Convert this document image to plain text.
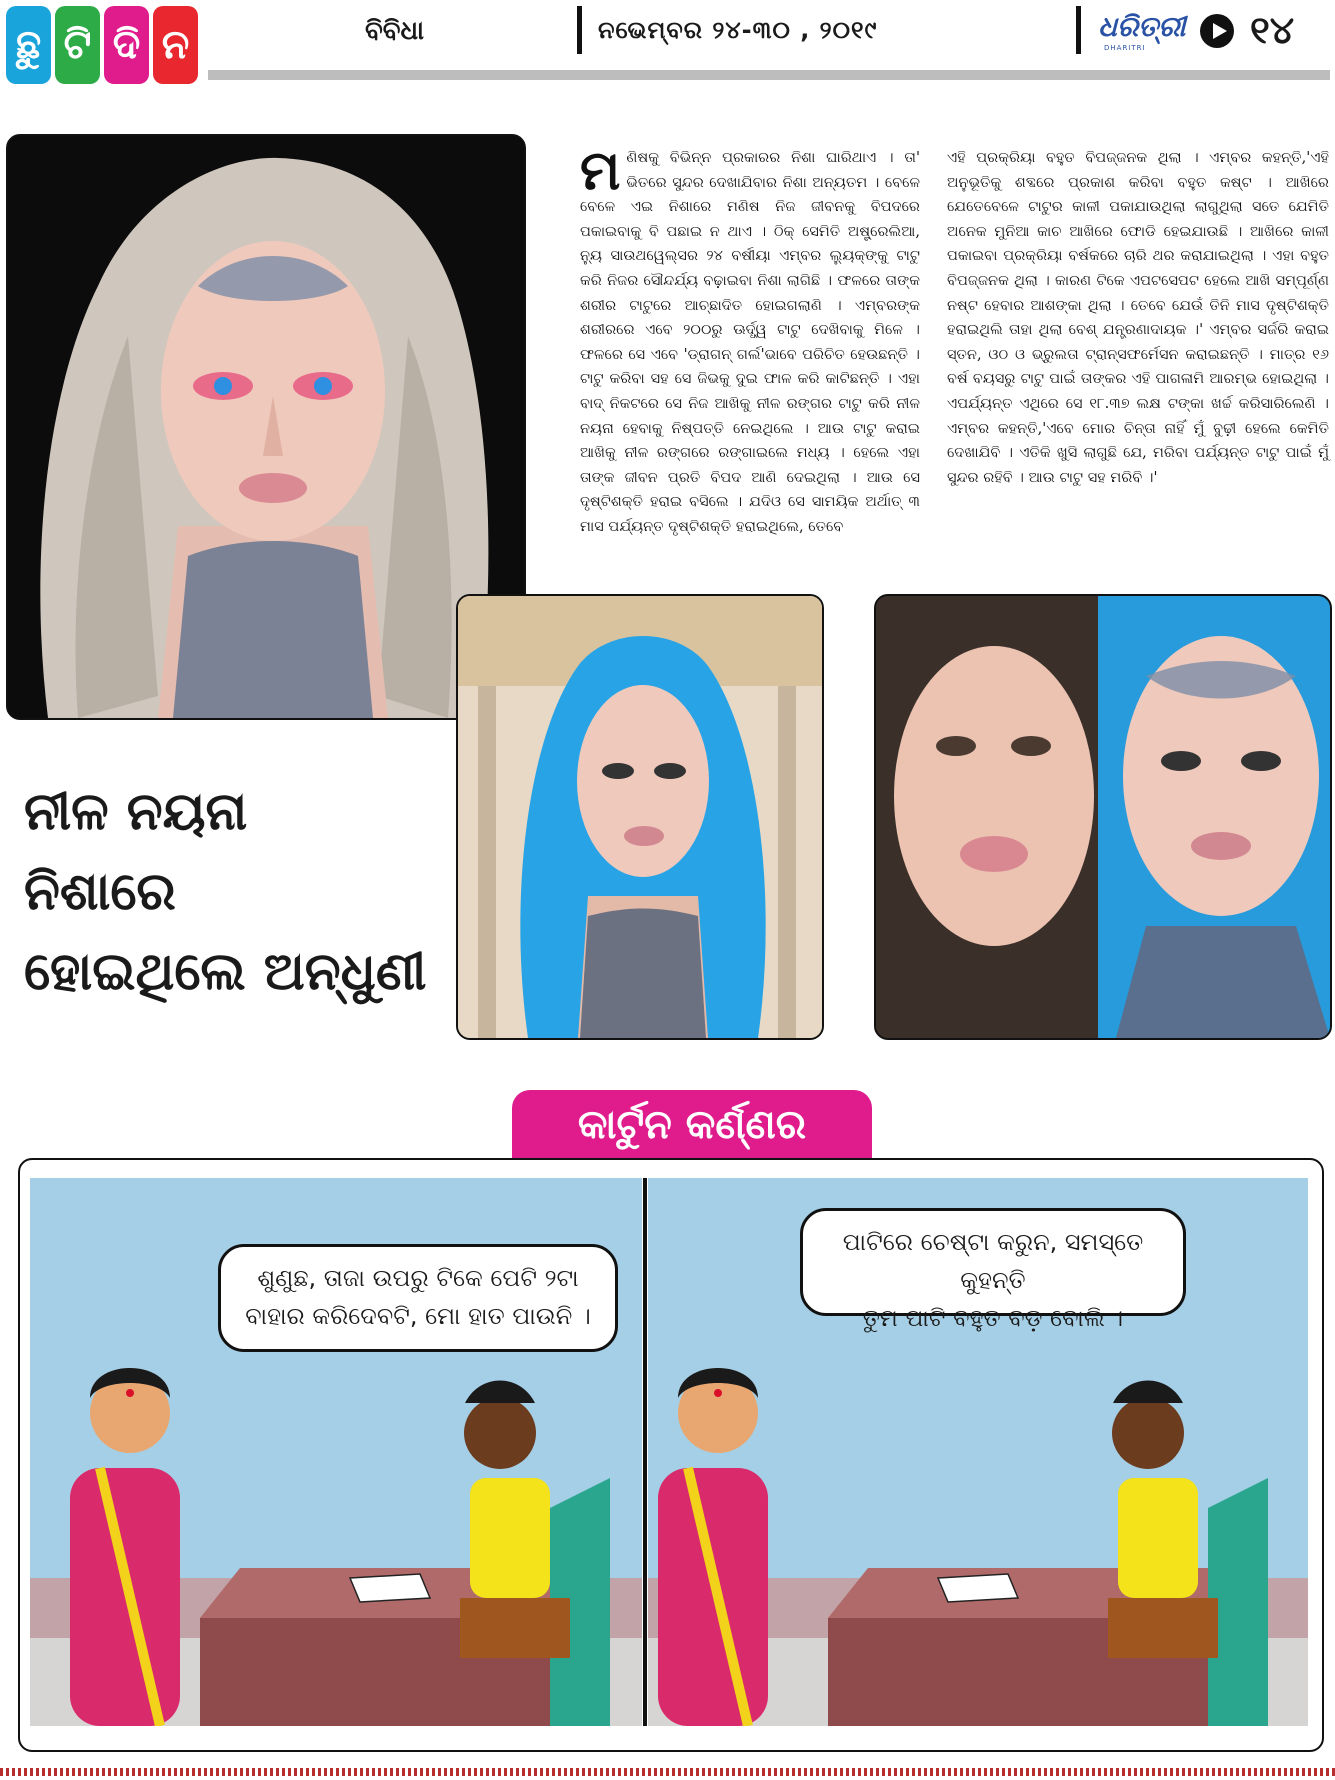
ଛୁ ଟି ଦି ନ	ବିବିଧା	ନଭେମ୍ବର ୨୪-୩୦ , ୨୦୧୯	ଧରିତ୍ରୀ
DHARITRI	୧୪
ନୀଳ ନୟନା
ନିଶାରେ
ହୋଇଥିଲେ ଅନ୍ଧୁଣୀ
ମଣିଷକୁ ବିଭିନ୍ନ ପ୍ରକାରର ନିଶା ଘାରିଥାଏ । ତା' ଭିତରେ ସୁନ୍ଦର ଦେଖାଯିବାର ନିଶା ଅନ୍ୟତମ । ବେଳେ ବେଳେ ଏଇ ନିଶାରେ ମଣିଷ ନିଜ ଜୀବନକୁ ବିପଦରେ ପକାଇବାକୁ ବି ପଛାଇ ନ ଥାଏ । ଠିକ୍ ସେମିତି ଅଷ୍ଟ୍ରେଲିଆ, ନ୍ୟୁ ସାଉଥୱେଲ୍ସର ୨୪ ବର୍ଷୀୟା ଏମ୍ବର ଲ୍ୟୁକ୍ଙ୍କୁ ଟାଟୁ କରି ନିଜର ସୌନ୍ଦର୍ଯ୍ୟ ବଢ଼ାଇବା ନିଶା ଲାଗିଛି । ଫଳରେ ତାଙ୍କ ଶରୀର ଟାଟୁରେ ଆଚ୍ଛାଦିତ ହୋଇଗଲାଣି । ଏମ୍ବରଙ୍କ ଶରୀରରେ ଏବେ ୨୦୦ରୁ ଊର୍ଦ୍ଧ୍ୱ ଟାଟୁ ଦେଖିବାକୁ ମିଳେ । ଫଳରେ ସେ ଏବେ 'ଡ୍ରାଗନ୍ ଗର୍ଲ'ଭାବେ ପରିଚିତ ହେଉଛନ୍ତି । ଟାଟୁ କରିବା ସହ ସେ ଜିଭକୁ ଦୁଇ ଫାଳ କରି କାଟିଛନ୍ତି । ଏହା ବାଦ୍ ନିକଟରେ ସେ ନିଜ ଆଖିକୁ ନୀଳ ରଙ୍ଗର ଟାଟୁ କରି ନୀଳ ନୟନା ହେବାକୁ ନିଷ୍ପତ୍ତି ନେଇଥିଲେ । ଆଉ ଟାଟୁ କରାଇ ଆଖିକୁ ନୀଳ ରଙ୍ଗରେ ରଙ୍ଗାଇଲେ ମଧ୍ୟ । ହେଲେ ଏହା ତାଙ୍କ ଜୀବନ ପ୍ରତି ବିପଦ ଆଣି ଦେଇଥିଲା । ଆଉ ସେ ଦୃଷ୍ଟିଶକ୍ତି ହରାଇ ବସିଲେ । ଯଦିଓ ସେ ସାମୟିକ ଅର୍ଥାତ୍ ୩ ମାସ ପର୍ଯ୍ୟନ୍ତ ଦୃଷ୍ଟିଶକ୍ତି ହରାଇଥିଲେ, ତେବେ
ଏହି ପ୍ରକ୍ରିୟା ବହୁତ ବିପଜ୍ଜନକ ଥିଲା । ଏମ୍ବର କହନ୍ତି,'ଏହି ଅନୁଭୂତିକୁ ଶବ୍ଦରେ ପ୍ରକାଶ କରିବା ବହୁତ କଷ୍ଟ । ଆଖିରେ ଯେତେବେଳେ ଟାଟୁର କାଳୀ ପକାଯାଉଥିଲା ଲାଗୁଥିଲା ସତେ ଯେମିତି ଅନେକ ମୁନିଆ କାଚ ଆଖିରେ ଫୋଡି ହେଇଯାଉଛି । ଆଖିରେ କାଳୀ ପକାଇବା ପ୍ରକ୍ରିୟା ବର୍ଷକରେ ଚାରି ଥର କରାଯାଇଥିଲା । ଏହା ବହୁତ ବିପଜ୍ଜନକ ଥିଲା । କାରଣ ଟିକେ ଏପଟସେପଟ ହେଲେ ଆଖି ସମ୍ପୂର୍ଣ୍ଣ ନଷ୍ଟ ହେବାର ଆଶଙ୍କା ଥିଲା । ତେବେ ଯେଉଁ ତିନି ମାସ ଦୃଷ୍ଟିଶକ୍ତି ହରାଇଥିଲି ତାହା ଥିଲା ବେଶ୍ ଯନ୍ତ୍ରଣାଦାୟକ ।' ଏମ୍ବର ସର୍ଜରି କରାଇ ସ୍ତନ, ଓଠ ଓ ଭ୍ରୁଲତା ଟ୍ରାନ୍ସଫର୍ମେସନ କରାଇଛନ୍ତି । ମାତ୍ର ୧୬ ବର୍ଷ ବୟସରୁ ଟାଟୁ ପାଇଁ ତାଙ୍କର ଏହି ପାଗଳାମି ଆରମ୍ଭ ହୋଇଥିଲା । ଏପର୍ଯ୍ୟନ୍ତ ଏଥିରେ ସେ ୧୮.୩୭ ଲକ୍ଷ ଟଙ୍କା ଖର୍ଚ୍ଚ କରିସାରିଲେଣି । ଏମ୍ବର କହନ୍ତି,'ଏବେ ମୋର ଚିନ୍ତା ନାହିଁ ମୁଁ ବୁଢ଼ୀ ହେଲେ କେମିତି ଦେଖାଯିବି । ଏତିକି ଖୁସି ଲାଗୁଛି ଯେ, ମରିବା ପର୍ଯ୍ୟନ୍ତ ଟାଟୁ ପାଇଁ ମୁଁ ସୁନ୍ଦର ରହିବି । ଆଉ ଟାଟୁ ସହ ମରିବି ।'
କାର୍ଟୁନ କର୍ଣ୍ଣର
ଶୁଣୁଛ, ତାଜା ଉପରୁ ଟିକେ ପେଟି ୨ଟା
ବାହାର କରିଦେବଟି, ମୋ ହାତ ପାଉନି ।
ପାଟିରେ ଚେଷ୍ଟା କରୁନ, ସମସ୍ତେ କୁହନ୍ତି
ତୁମ ପାଟି ବହୁତ ବଡ଼ ବୋଲି ।
